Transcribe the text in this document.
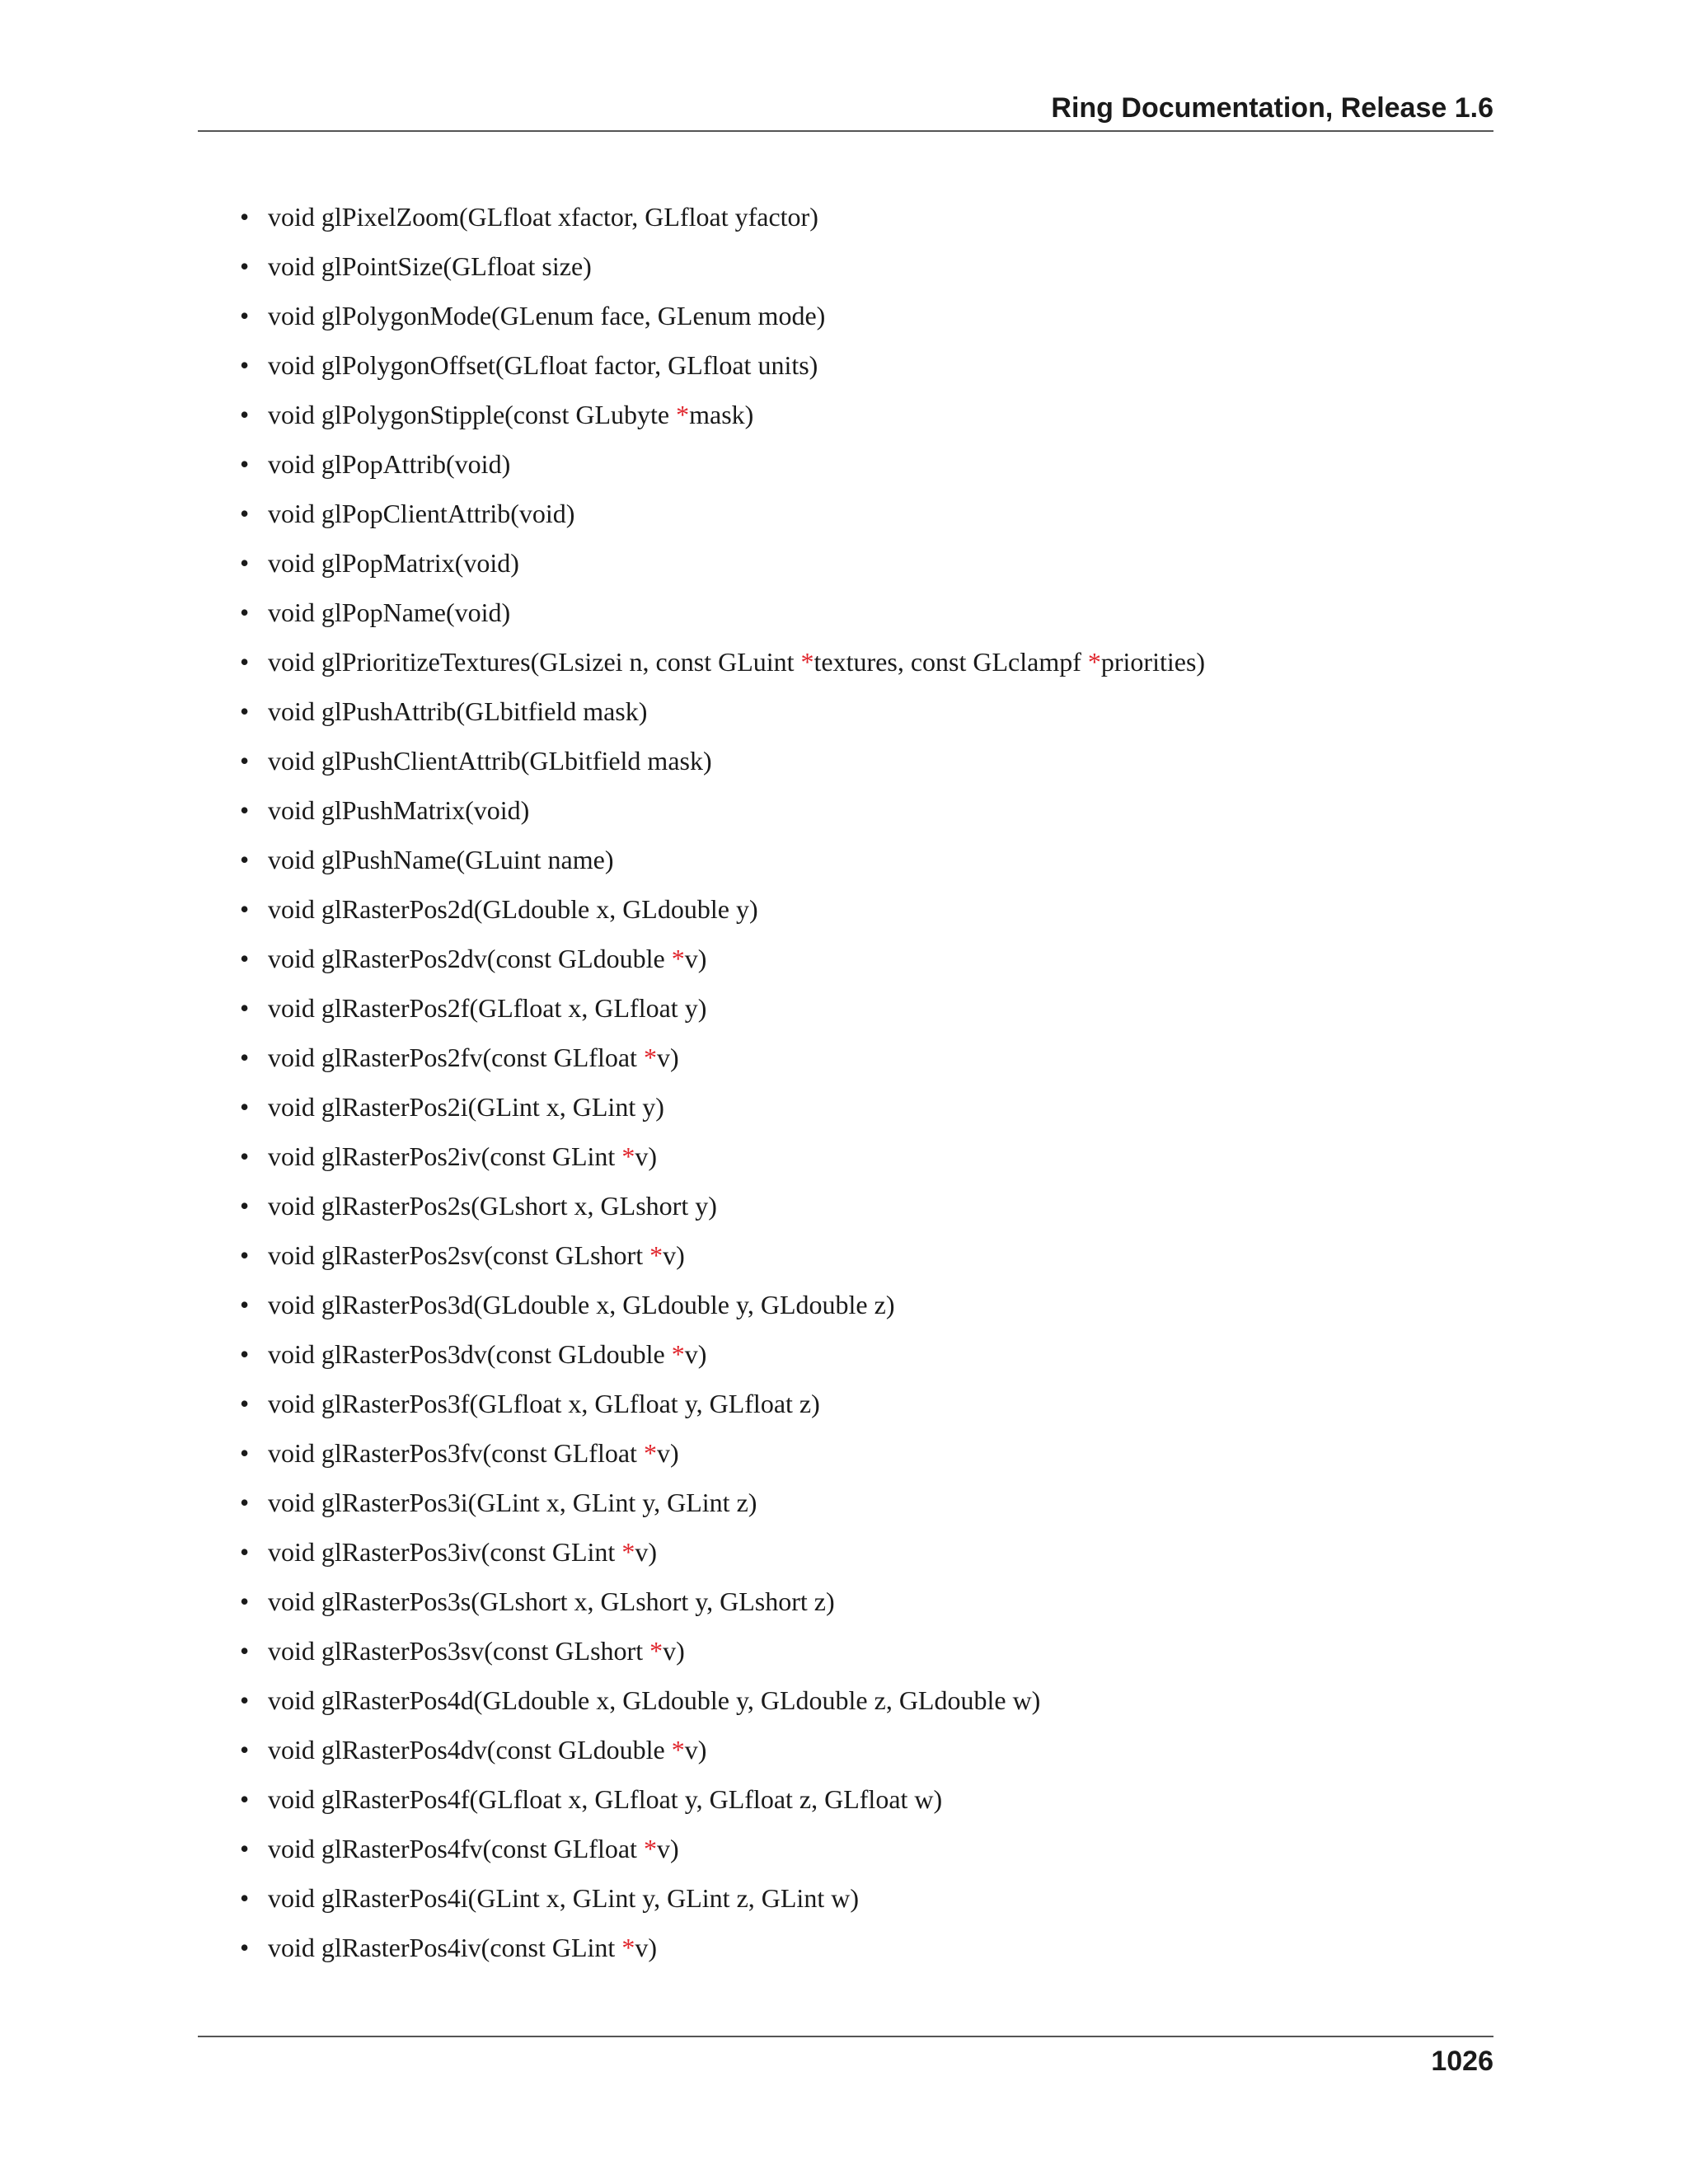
Ring Documentation, Release 1.6
• void glPixelZoom(GLfloat xfactor, GLfloat yfactor)
• void glPointSize(GLfloat size)
• void glPolygonMode(GLenum face, GLenum mode)
• void glPolygonOffset(GLfloat factor, GLfloat units)
• void glPolygonStipple(const GLubyte *mask)
• void glPopAttrib(void)
• void glPopClientAttrib(void)
• void glPopMatrix(void)
• void glPopName(void)
• void glPrioritizeTextures(GLsizei n, const GLuint *textures, const GLclampf *priorities)
• void glPushAttrib(GLbitfield mask)
• void glPushClientAttrib(GLbitfield mask)
• void glPushMatrix(void)
• void glPushName(GLuint name)
• void glRasterPos2d(GLdouble x, GLdouble y)
• void glRasterPos2dv(const GLdouble *v)
• void glRasterPos2f(GLfloat x, GLfloat y)
• void glRasterPos2fv(const GLfloat *v)
• void glRasterPos2i(GLint x, GLint y)
• void glRasterPos2iv(const GLint *v)
• void glRasterPos2s(GLshort x, GLshort y)
• void glRasterPos2sv(const GLshort *v)
• void glRasterPos3d(GLdouble x, GLdouble y, GLdouble z)
• void glRasterPos3dv(const GLdouble *v)
• void glRasterPos3f(GLfloat x, GLfloat y, GLfloat z)
• void glRasterPos3fv(const GLfloat *v)
• void glRasterPos3i(GLint x, GLint y, GLint z)
• void glRasterPos3iv(const GLint *v)
• void glRasterPos3s(GLshort x, GLshort y, GLshort z)
• void glRasterPos3sv(const GLshort *v)
• void glRasterPos4d(GLdouble x, GLdouble y, GLdouble z, GLdouble w)
• void glRasterPos4dv(const GLdouble *v)
• void glRasterPos4f(GLfloat x, GLfloat y, GLfloat z, GLfloat w)
• void glRasterPos4fv(const GLfloat *v)
• void glRasterPos4i(GLint x, GLint y, GLint z, GLint w)
• void glRasterPos4iv(const GLint *v)
1026
